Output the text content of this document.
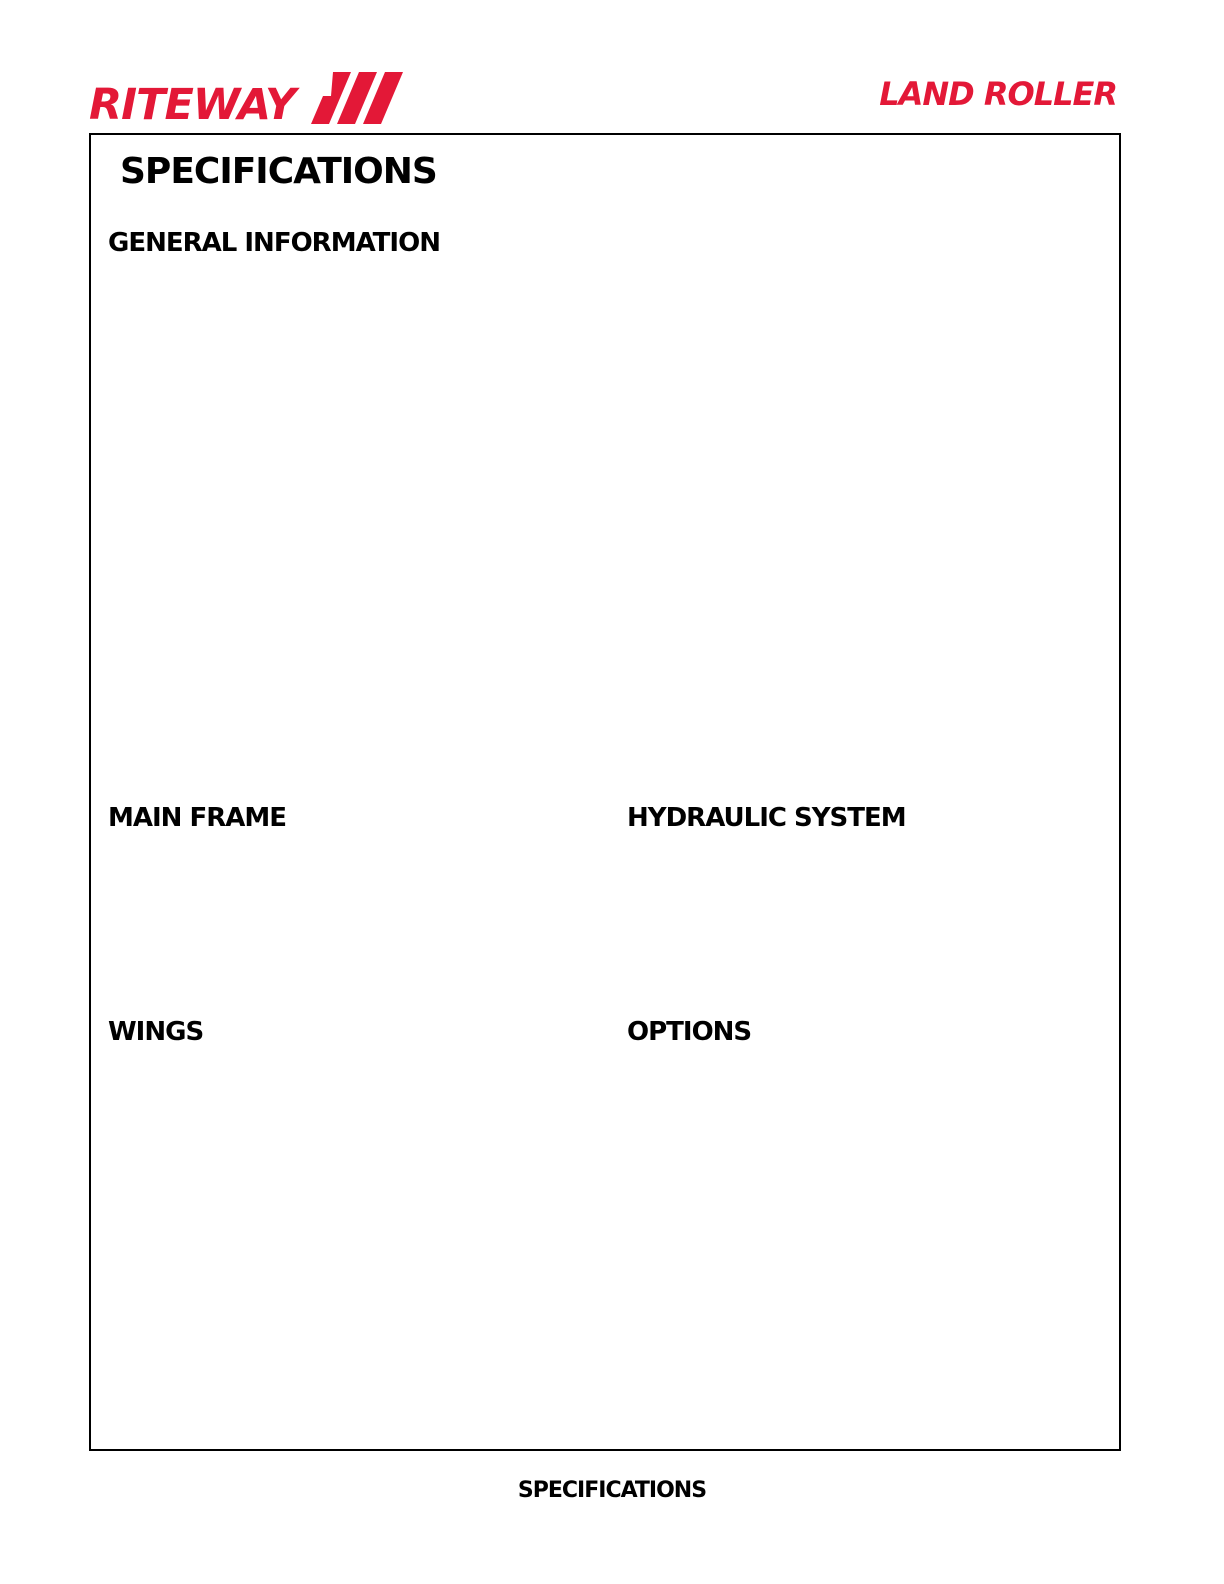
RITEWAY	LAND ROLLER
SPECIFICATIONS
GENERAL INFORMATION
MAIN FRAME	HYDRAULIC SYSTEM
WINGS	OPTIONS
SPECIFICATIONS
